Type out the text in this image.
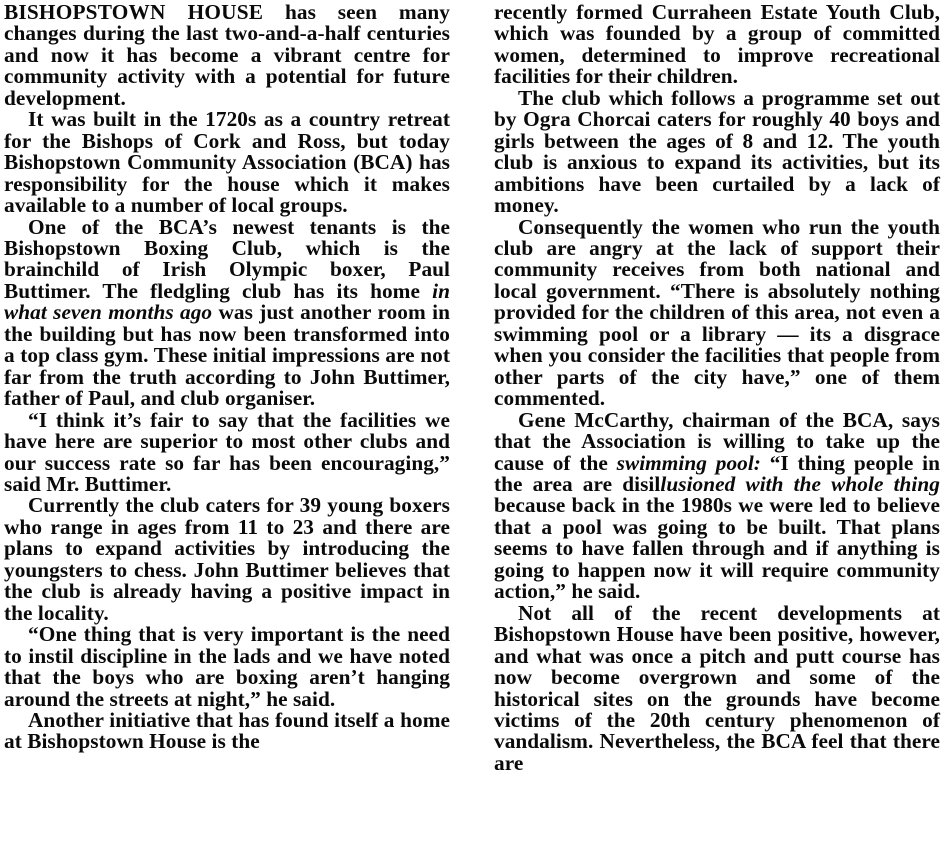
BISHOPSTOWN HOUSE has seen many changes during the last two-and-a-half centuries and now it has become a vibrant centre for community activity with a potential for future development.

It was built in the 1720s as a country retreat for the Bishops of Cork and Ross, but today Bishopstown Community Association (BCA) has responsibility for the house which it makes available to a number of local groups.

One of the BCA’s newest tenants is the Bishopstown Boxing Club, which is the brainchild of Irish Olympic boxer, Paul Buttimer. The fledgling club has its home in what seven months ago was just another room in the building but has now been transformed into a top class gym. These initial impressions are not far from the truth according to John Buttimer, father of Paul, and club organiser.

“I think it’s fair to say that the facilities we have here are superior to most other clubs and our success rate so far has been encouraging,” said Mr. Buttimer.

Currently the club caters for 39 young boxers who range in ages from 11 to 23 and there are plans to expand activities by introducing the youngsters to chess. John Buttimer believes that the club is already having a positive impact in the locality.

“One thing that is very important is the need to instil discipline in the lads and we have noted that the boys who are boxing aren’t hanging around the streets at night,” he said.

Another initiative that has found itself a home at Bishopstown House is the

recently formed Curraheen Estate Youth Club, which was founded by a group of committed women, determined to improve recreational facilities for their children.

The club which follows a programme set out by Ogra Chorcai caters for roughly 40 boys and girls between the ages of 8 and 12. The youth club is anxious to expand its activities, but its ambitions have been curtailed by a lack of money.

Consequently the women who run the youth club are angry at the lack of support their community receives from both national and local government. “There is absolutely nothing provided for the children of this area, not even a swimming pool or a library — its a disgrace when you consider the facilities that people from other parts of the city have,” one of them commented.

Gene McCarthy, chairman of the BCA, says that the Association is willing to take up the cause of the swimming pool: “I thing people in the area are disillusioned with the whole thing because back in the 1980s we were led to believe that a pool was going to be built. That plans seems to have fallen through and if anything is going to happen now it will require community action,” he said.

Not all of the recent developments at Bishopstown House have been positive, however, and what was once a pitch and putt course has now become overgrown and some of the historical sites on the grounds have become victims of the 20th century phenomenon of vandalism. Nevertheless, the BCA feel that there are
